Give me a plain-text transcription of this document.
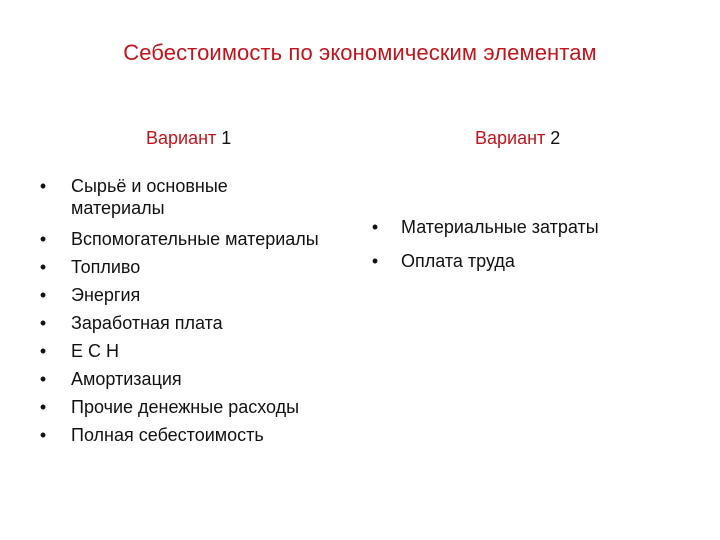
Себестоимость по экономическим элементам
Вариант 1	Вариант 2
•	Сырьё и основные материалы
•	Вспомогательные материалы
•	Топливо
•	Энергия
•	Заработная плата
•	Е С Н
•	Амортизация
•	Прочие денежные расходы
•	Полная себестоимость
•	Материальные затраты
•	Оплата труда
